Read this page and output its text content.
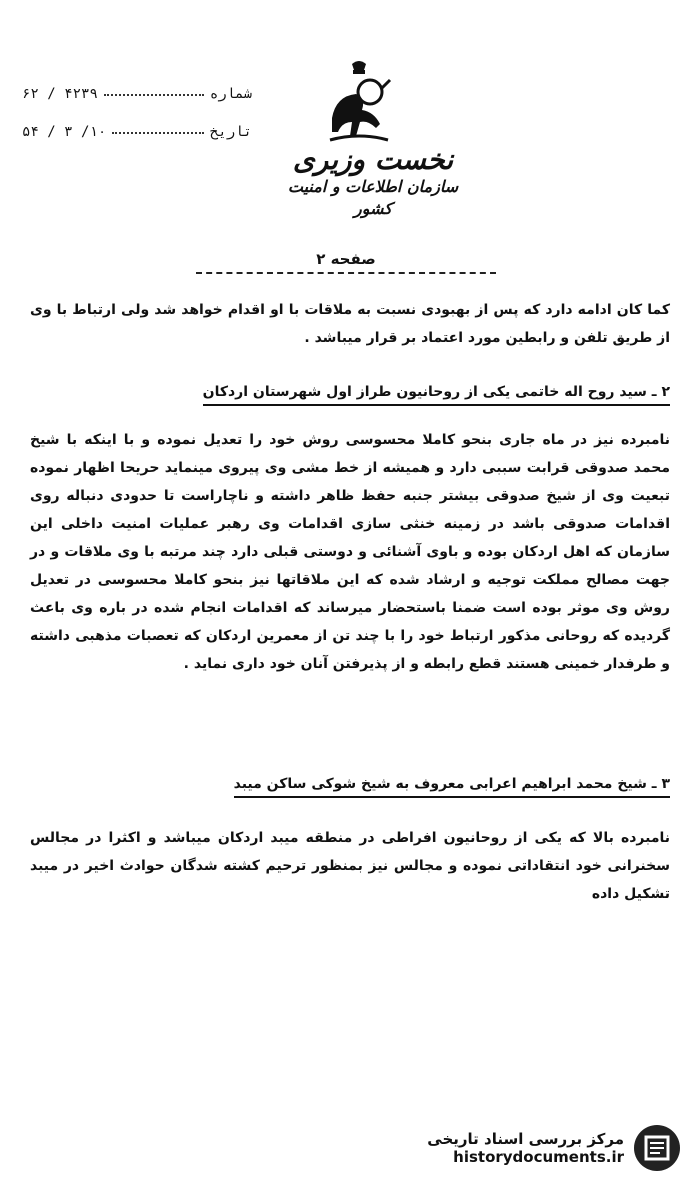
شماره
۴۲۳۹ / ۶۲
تاریخ
۱۰/ ۳ / ۵۴
نخست وزیری
سازمان اطلاعات و امنیت کشور
صفحه ۲
کما کان ادامه دارد که پس از بهبودی نسبت به ملاقات با او اقدام خواهد شد ولی ارتباط با وی از طریق تلفن و رابطین مورد اعتماد بر قرار میباشد .
۲ ـ سید روح اله خاتمی یکی از روحانیون طراز اول شهرستان اردکان
نامبرده نیز در ماه جاری بنحو کاملا محسوسی روش خود را تعدیل نموده و با اینکه با شیخ محمد صدوقی قرابت سببی دارد و همیشه از خط مشی وی پیروی مینماید حریحا اظهار نموده تبعیت وی از شیخ صدوقی بیشتر جنبه حفظ ظاهر داشته و ناچاراست تا حدودی دنباله روی اقدامات صدوقی باشد در زمینه خنثی سازی اقدامات وی رهبر عملیات امنیت داخلی این سازمان که اهل اردکان بوده و باوی آشنائی و دوستی قبلی دارد چند مرتبه با وی ملاقات و در جهت مصالح مملکت توجیه و ارشاد شده که این ملاقاتها نیز بنحو کاملا محسوسی در تعدیل روش وی موثر بوده است ضمنا باستحضار میرساند که اقدامات انجام شده در باره وی باعث گردیده که روحانی مذکور ارتباط خود را با چند تن از معمرین اردکان که تعصبات مذهبی داشته و طرفدار خمینی هستند قطع رابطه و از پذیرفتن آنان خود داری نماید .
۳ ـ شیخ محمد ابراهیم اعرابی معروف به شیخ شوکی ساکن میبد
نامبرده بالا که یکی از روحانیون افراطی در منطقه میبد اردکان میباشد و اکثرا در مجالس سخنرانی خود انتقاداتی نموده و مجالس نیز بمنظور ترحیم کشته شدگان حوادث اخیر در میبد تشکیل داده
مرکز بررسی اسناد تاریخی
historydocuments.ir
